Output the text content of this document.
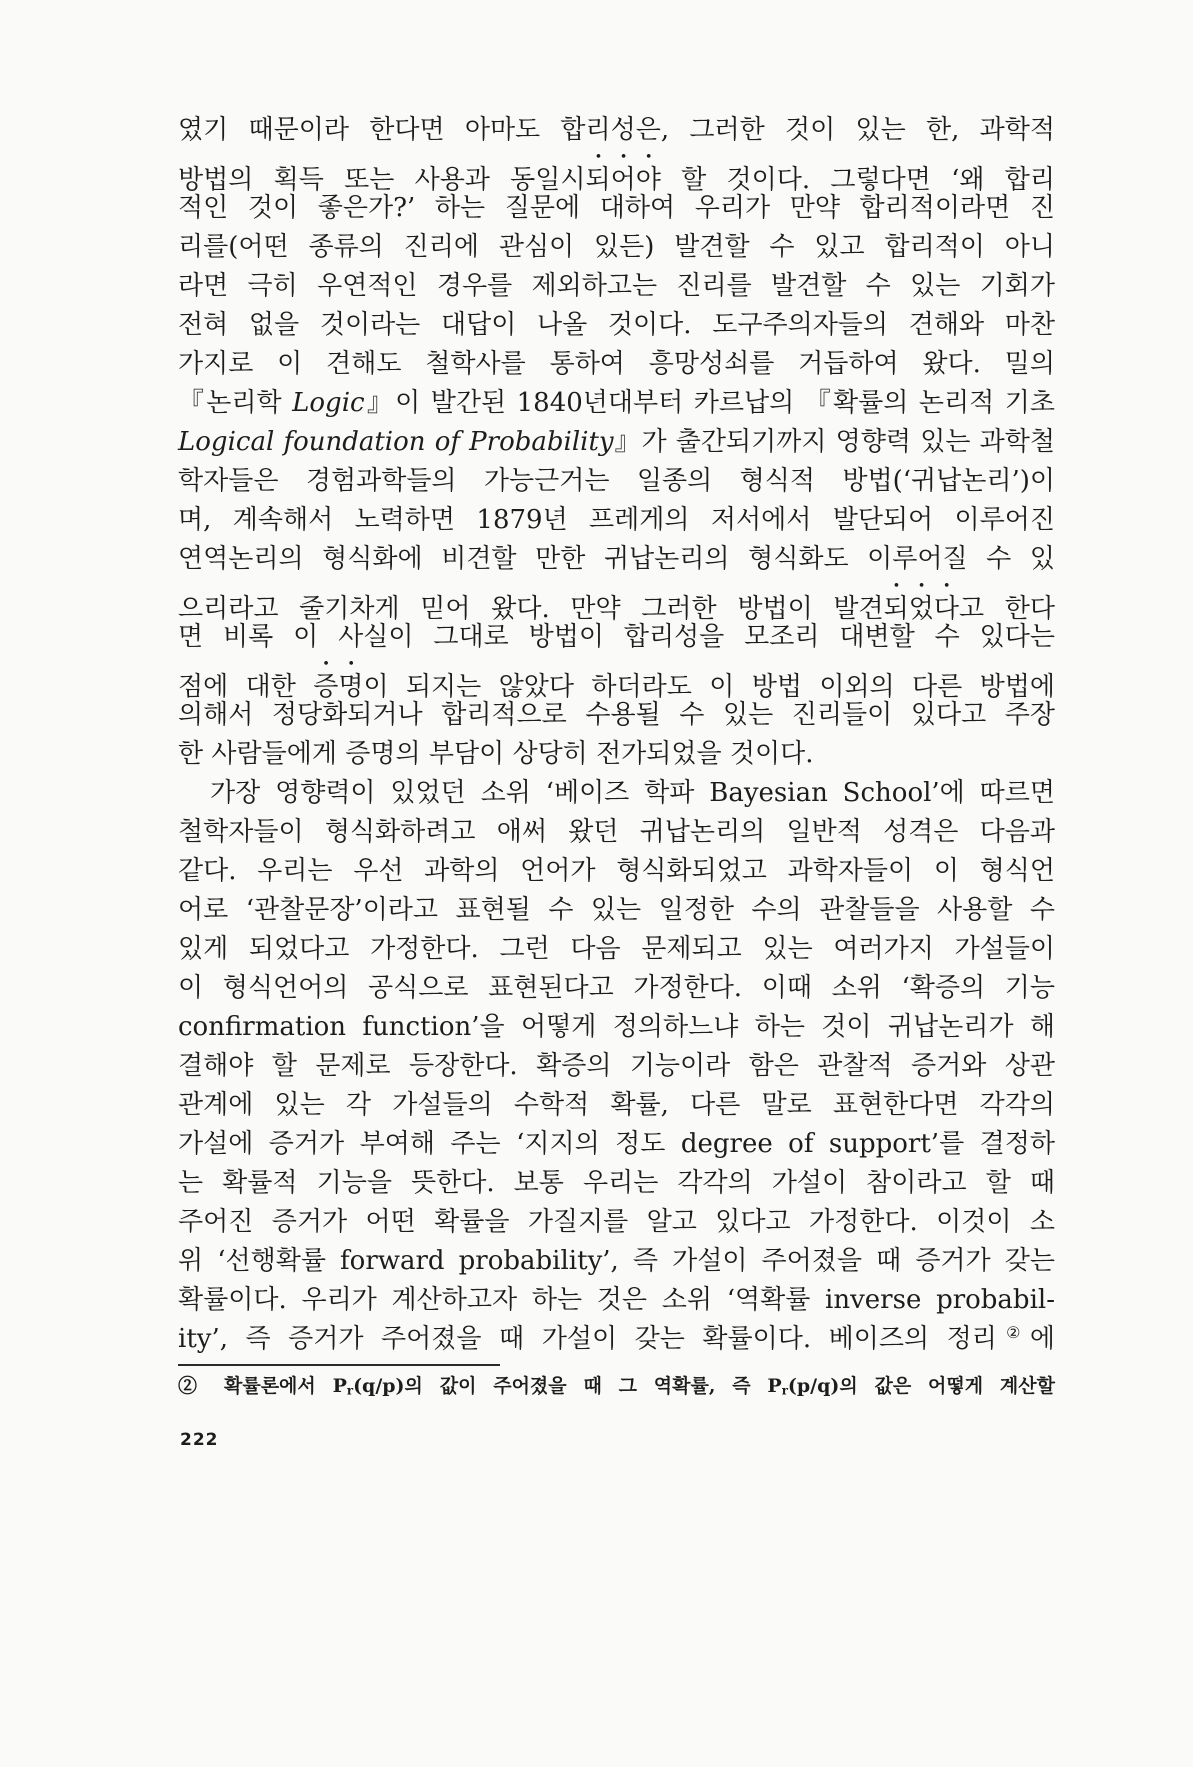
였기 때문이라 한다면 아마도 합리성은, 그러한 것이 있는 한, 과학적
방법의 획득 또는 사용과 동일시되어야 할 것이다. 그렇다면 ‘왜 합리
적인 것이 좋은가?’ 하는 질문에 대하여 우리가 만약 합리적이라면 진
리를(어떤 종류의 진리에 관심이 있든) 발견할 수 있고 합리적이 아니
라면 극히 우연적인 경우를 제외하고는 진리를 발견할 수 있는 기회가
전혀 없을 것이라는 대답이 나올 것이다. 도구주의자들의 견해와 마찬
가지로 이 견해도 철학사를 통하여 흥망성쇠를 거듭하여 왔다. 밀의
『논리학 Logic』이 발간된 1840년대부터 카르납의 『확률의 논리적 기초
Logical foundation of Probability』가 출간되기까지 영향력 있는 과학철
학자들은 경험과학들의 가능근거는 일종의 형식적 방법(‘귀납논리’)이
며, 계속해서 노력하면 1879년 프레게의 저서에서 발단되어 이루어진
연역논리의 형식화에 비견할 만한 귀납논리의 형식화도 이루어질 수 있
으리라고 줄기차게 믿어 왔다. 만약 그러한 방법이 발견되었다고 한다
면 비록 이 사실이 그대로 방법이 합리성을 모조리 대변할 수 있다는
점에 대한 증명이 되지는 않았다 하더라도 이 방법 이외의 다른 방법에
의해서 정당화되거나 합리적으로 수용될 수 있는 진리들이 있다고 주장
한 사람들에게 증명의 부담이 상당히 전가되었을 것이다.
가장 영향력이 있었던 소위 ‘베이즈 학파 Bayesian School’에 따르면
철학자들이 형식화하려고 애써 왔던 귀납논리의 일반적 성격은 다음과
같다. 우리는 우선 과학의 언어가 형식화되었고 과학자들이 이 형식언
어로 ‘관찰문장’이라고 표현될 수 있는 일정한 수의 관찰들을 사용할 수
있게 되었다고 가정한다. 그런 다음 문제되고 있는 여러가지 가설들이
이 형식언어의 공식으로 표현된다고 가정한다. 이때 소위 ‘확증의 기능
confirmation function’을 어떻게 정의하느냐 하는 것이 귀납논리가 해
결해야 할 문제로 등장한다. 확증의 기능이라 함은 관찰적 증거와 상관
관계에 있는 각 가설들의 수학적 확률, 다른 말로 표현한다면 각각의
가설에 증거가 부여해 주는 ‘지지의 정도 degree of support’를 결정하
는 확률적 기능을 뜻한다. 보통 우리는 각각의 가설이 참이라고 할 때
주어진 증거가 어떤 확률을 가질지를 알고 있다고 가정한다. 이것이 소
위 ‘선행확률 forward probability’, 즉 가설이 주어졌을 때 증거가 갖는
확률이다. 우리가 계산하고자 하는 것은 소위 ‘역확률 inverse probabil-
ity’, 즉 증거가 주어졌을 때 가설이 갖는 확률이다. 베이즈의 정리②에
② 확률론에서 Pr(q/p)의 값이 주어졌을 때 그 역확률, 즉 Pr(p/q)의 값은 어떻게 계산할
222
